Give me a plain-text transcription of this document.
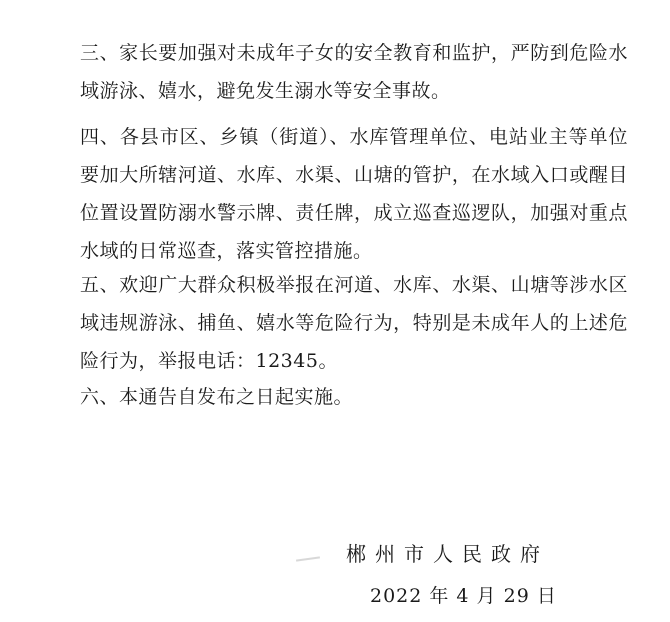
三、家长要加强对未成年子女的安全教育和监护，严防到危险水域游泳、嬉水，避免发生溺水等安全事故。

四、各县市区、乡镇（街道）、水库管理单位、电站业主等单位要加大所辖河道、水库、水渠、山塘的管护，在水域入口或醒目位置设置防溺水警示牌、责任牌，成立巡查巡逻队，加强对重点水域的日常巡查，落实管控措施。

五、欢迎广大群众积极举报在河道、水库、水渠、山塘等涉水区域违规游泳、捕鱼、嬉水等危险行为，特别是未成年人的上述危险行为，举报电话：12345。

六、本通告自发布之日起实施。

郴州市人民政府

2022 年 4 月 29 日
